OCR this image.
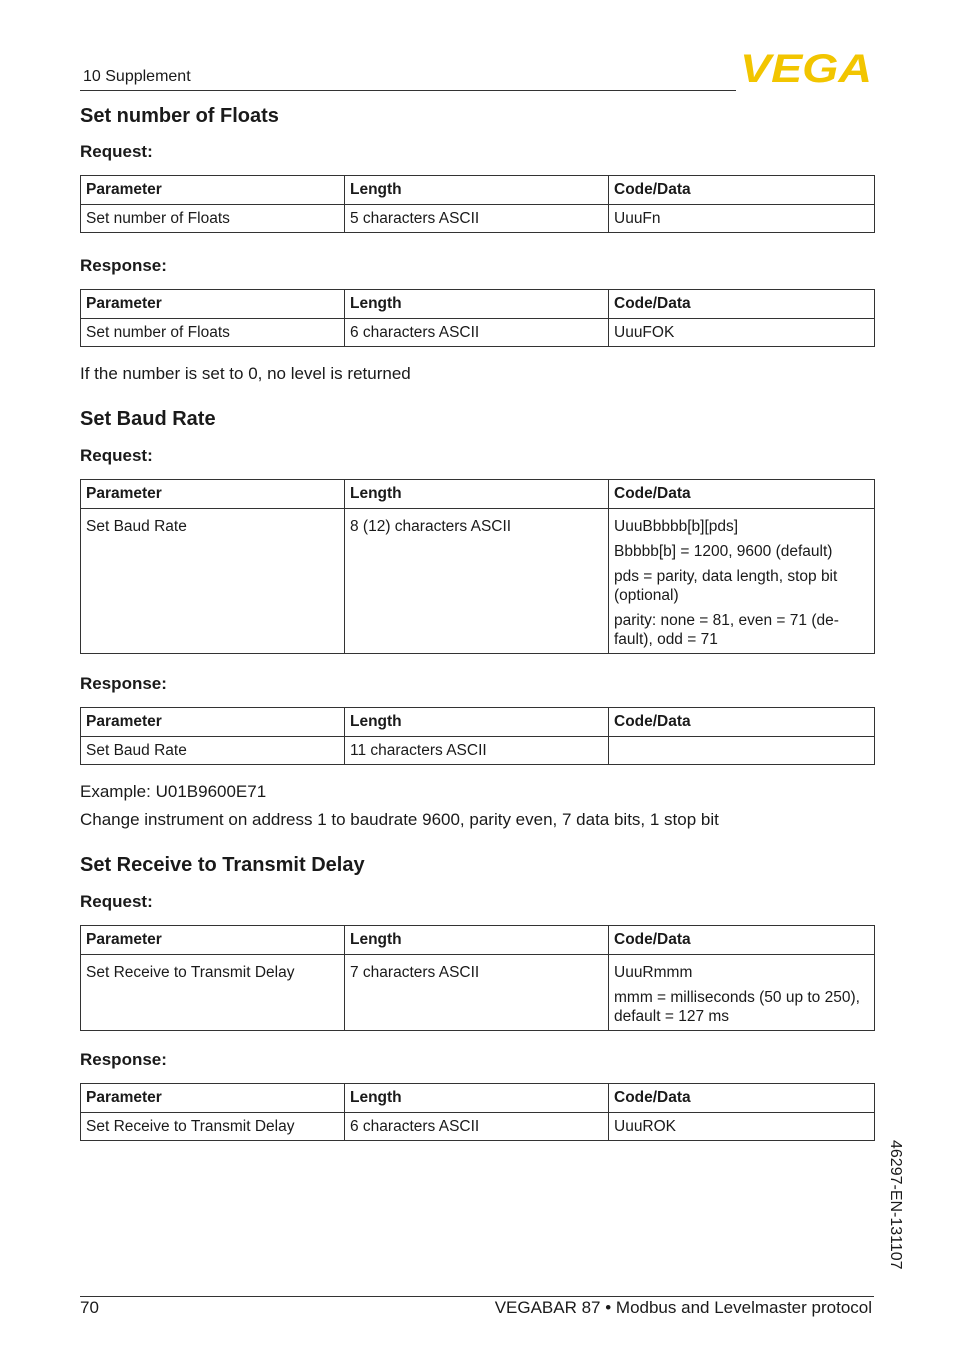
10 Supplement	VEGA
Set number of Floats
Request:
Parameter	Length	Code/Data
Set number of Floats	5 characters ASCII	UuuFn
Response:
Parameter	Length	Code/Data
Set number of Floats	6 characters ASCII	UuuFOK
If the number is set to 0, no level is returned
Set Baud Rate
Request:
Parameter	Length	Code/Data
Set Baud Rate	8 (12) characters ASCII	UuuBbbbb[b][pds]
Bbbbb[b] = 1200, 9600 (default)
pds = parity, data length, stop bit (optional)
parity: none = 81, even = 71 (de-fault), odd = 71
Response:
Parameter	Length	Code/Data
Set Baud Rate	11 characters ASCII	
Example: U01B9600E71
Change instrument on address 1 to baudrate 9600, parity even, 7 data bits, 1 stop bit
Set Receive to Transmit Delay
Request:
Parameter	Length	Code/Data
Set Receive to Transmit Delay	7 characters ASCII	UuuRmmm
mmm = milliseconds (50 up to 250), default = 127 ms
Response:
Parameter	Length	Code/Data
Set Receive to Transmit Delay	6 characters ASCII	UuuROK
46297-EN-131107
70	VEGABAR 87 • Modbus and Levelmaster protocol
